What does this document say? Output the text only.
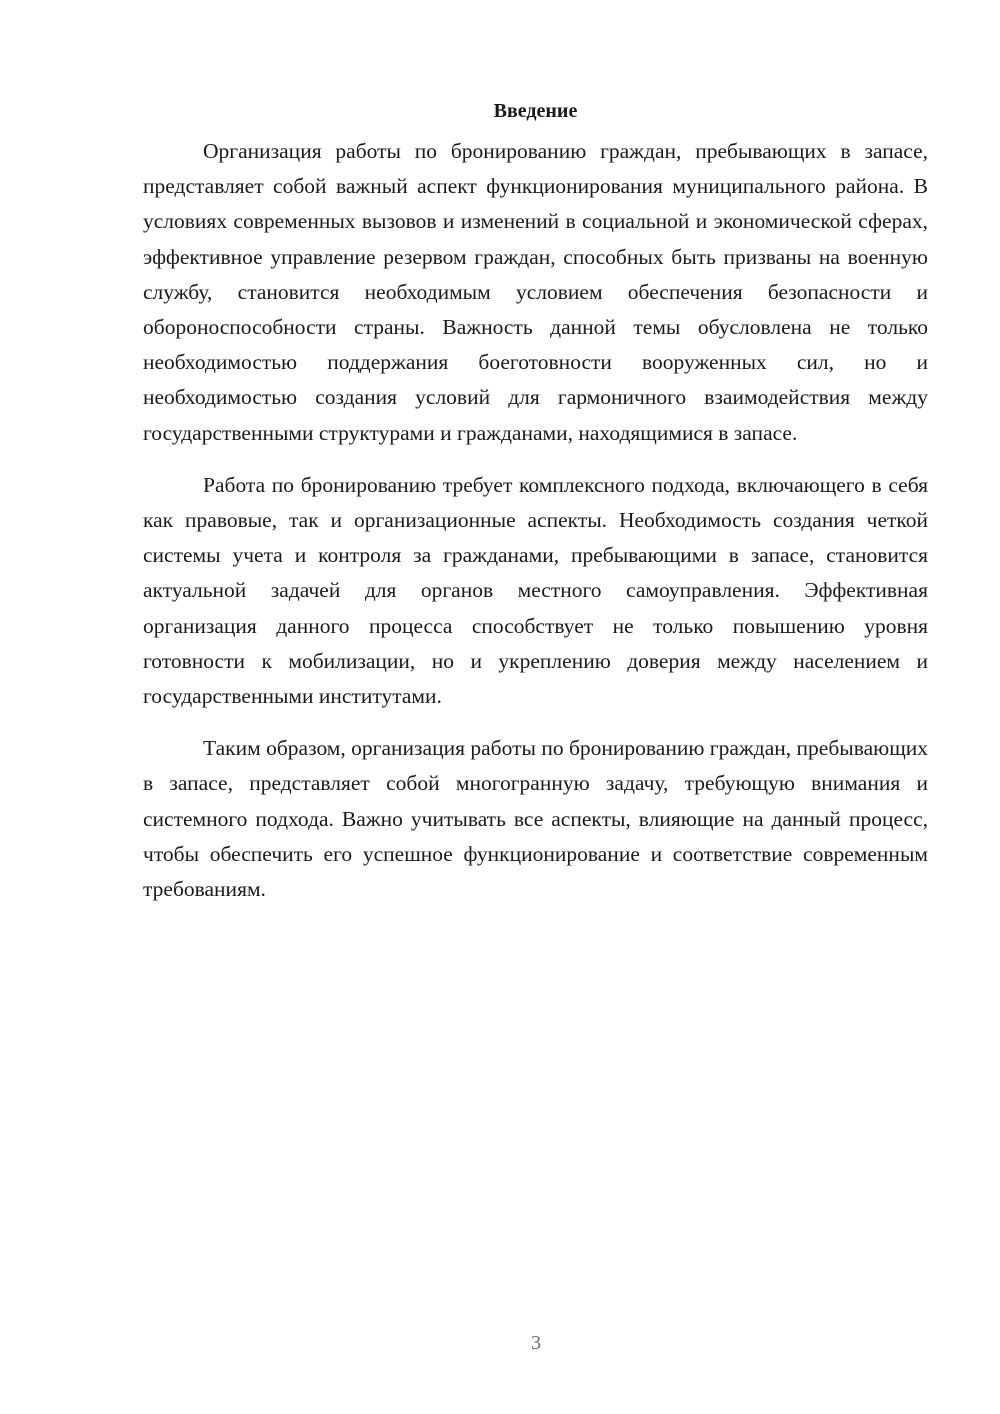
Введение

Организация работы по бронированию граждан, пребывающих в запасе, представляет собой важный аспект функционирования муниципального района. В условиях современных вызовов и изменений в социальной и экономической сферах, эффективное управление резервом граждан, способных быть призваны на военную службу, становится необходимым условием обеспечения безопасности и обороноспособности страны. Важность данной темы обусловлена не только необходимостью поддержания боеготовности вооруженных сил, но и необходимостью создания условий для гармоничного взаимодействия между государственными структурами и гражданами, находящимися в запасе.

Работа по бронированию требует комплексного подхода, включающего в себя как правовые, так и организационные аспекты. Необходимость создания четкой системы учета и контроля за гражданами, пребывающими в запасе, становится актуальной задачей для органов местного самоуправления. Эффективная организация данного процесса способствует не только повышению уровня готовности к мобилизации, но и укреплению доверия между населением и государственными институтами.

Таким образом, организация работы по бронированию граждан, пребывающих в запасе, представляет собой многогранную задачу, требующую внимания и системного подхода. Важно учитывать все аспекты, влияющие на данный процесс, чтобы обеспечить его успешное функционирование и соответствие современным требованиям.

3
